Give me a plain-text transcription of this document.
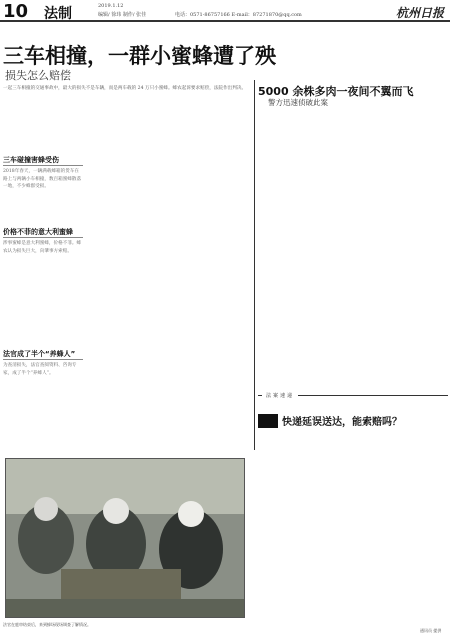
10 法制	2019.1.12
编辑/ 徐玮 制作/ 张佳	电话：0571-86757166 E-mail：87271870@qq.com	杭州日报
三车相撞，一群小蜜蜂遭了殃
损失怎么赔偿
一起三车相撞的交通事故中，最大的损失不是车辆，而是两车载的 24 万只小蜜蜂。蜂农起诉要求赔偿，法院作出判决。
三车碰撞害蜂受伤
2018年春天，一辆满载蜂箱的货车在路上与两辆小车相撞，数百箱蜜蜂散落一地，不少蜂群受损。
价格不菲的意大利蜜蜂
涉事蜜蜂是意大利蜜蜂，价格不菲。蜂农认为损失巨大，向肇事方索赔。
法官成了半个“养蜂人”
为查清损失，法官查阅资料、咨询专家，成了半个“养蜂人”。
5000 余株多肉一夜间不翼而飞
警方迅速侦破此案
法案速递
快递延误送达，能索赔吗？
法官在庭审结束后，来到蜂场现场调查了解情况。
通讯员 提供
